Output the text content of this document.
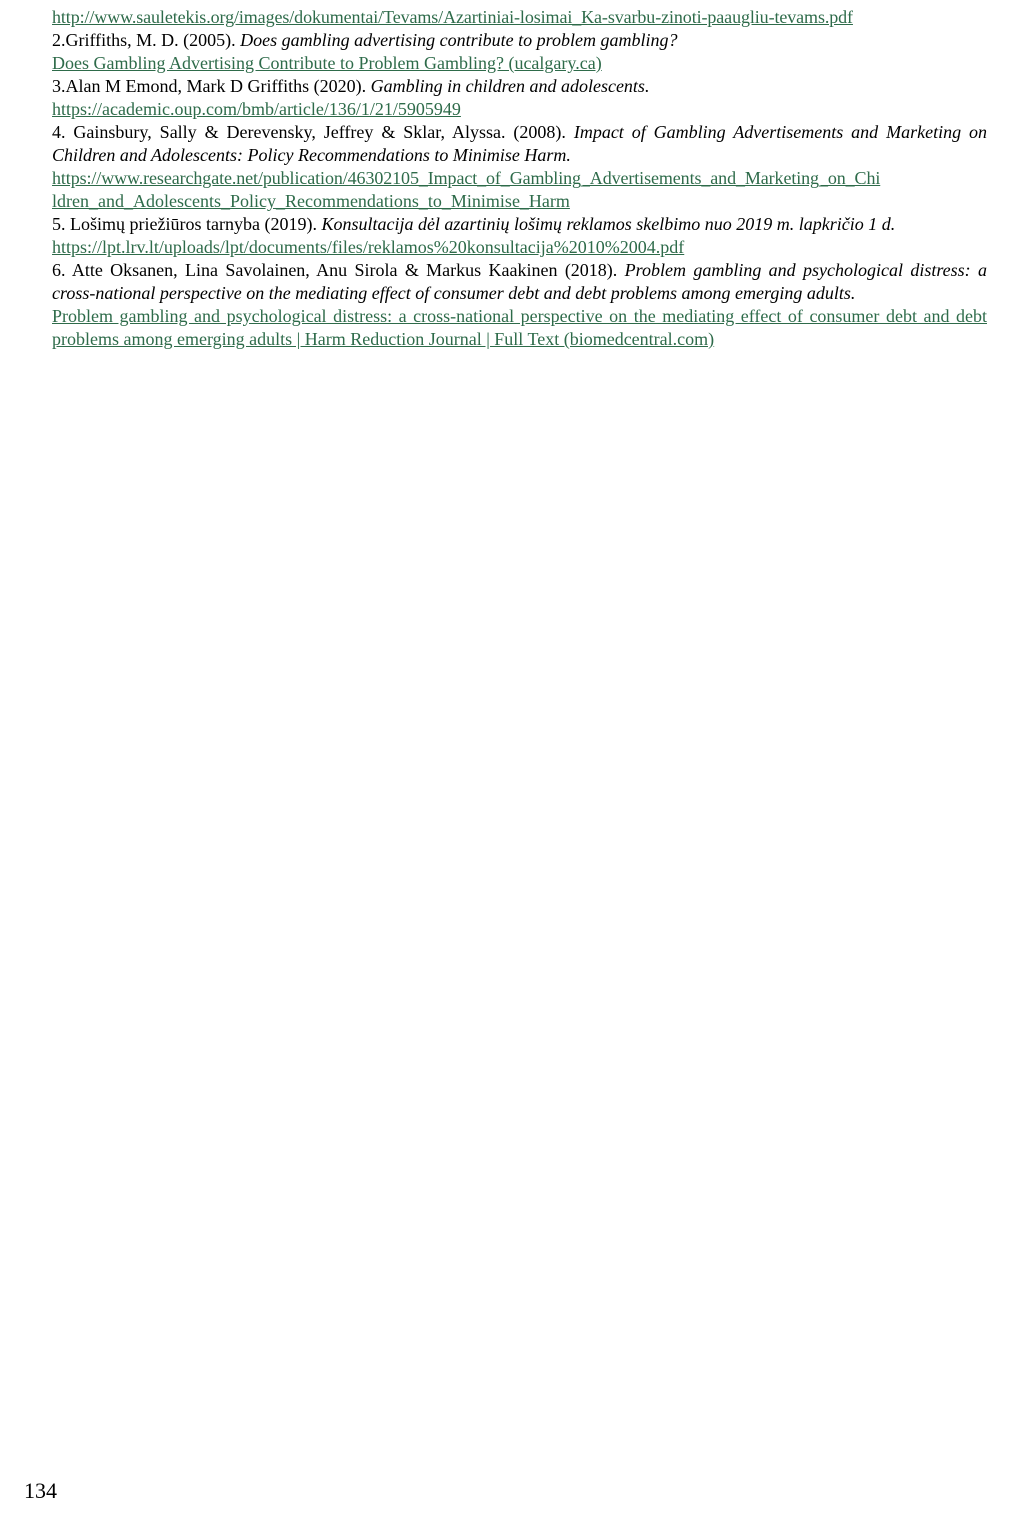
http://www.sauletekis.org/images/dokumentai/Tevams/Azartiniai-losimai_Ka-svarbu-zinoti-paaugliu-tevams.pdf
2.Griffiths, M. D. (2005). Does gambling advertising contribute to problem gambling?
Does Gambling Advertising Contribute to Problem Gambling? (ucalgary.ca)
3.Alan M Emond, Mark D Griffiths (2020). Gambling in children and adolescents.
https://academic.oup.com/bmb/article/136/1/21/5905949
4. Gainsbury, Sally & Derevensky, Jeffrey & Sklar, Alyssa. (2008). Impact of Gambling Advertisements and Marketing on Children and Adolescents: Policy Recommendations to Minimise Harm.
https://www.researchgate.net/publication/46302105_Impact_of_Gambling_Advertisements_and_Marketing_on_Chi
ldren_and_Adolescents_Policy_Recommendations_to_Minimise_Harm
5. Lošimų priežiūros tarnyba (2019). Konsultacija dėl azartinių lošimų reklamos skelbimo nuo 2019 m. lapkričio 1 d.
https://lpt.lrv.lt/uploads/lpt/documents/files/reklamos%20konsultacija%2010%2004.pdf
6. Atte Oksanen, Lina Savolainen, Anu Sirola & Markus Kaakinen (2018). Problem gambling and psychological distress: a cross-national perspective on the mediating effect of consumer debt and debt problems among emerging adults.
Problem gambling and psychological distress: a cross-national perspective on the mediating effect of consumer debt and debt problems among emerging adults | Harm Reduction Journal | Full Text (biomedcentral.com)
134
